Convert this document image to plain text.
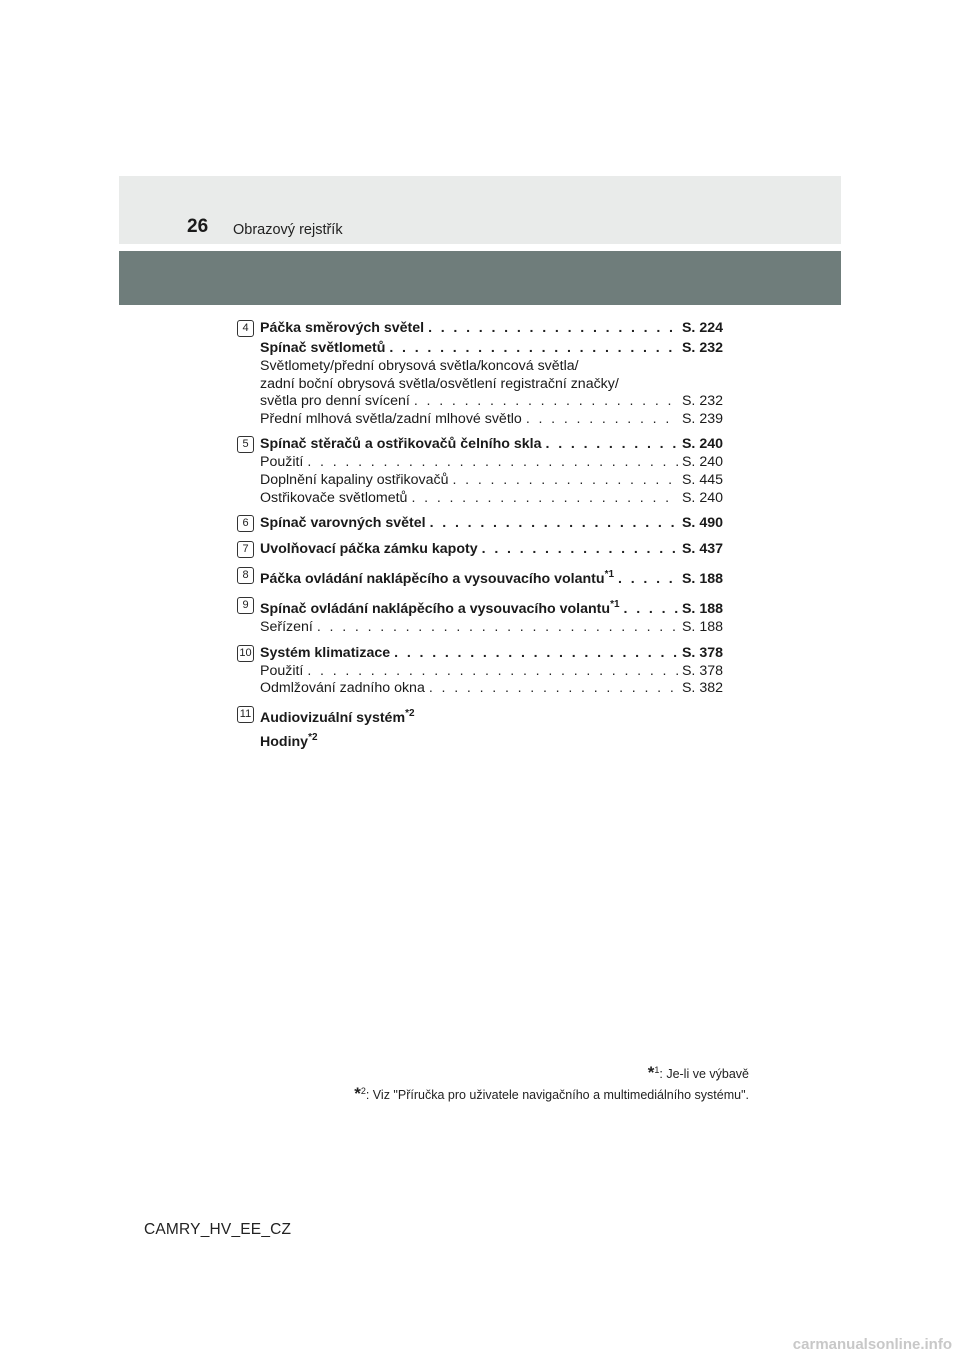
26 Obrazový rejstřík
4 Páčka směrových světel . . .	S. 224
Spínač světlometů . . .	S. 232
Světlomety/přední obrysová světla/koncová světla/
zadní boční obrysová světla/osvětlení registrační značky/
světla pro denní svícení . . .	S. 232
Přední mlhová světla/zadní mlhové světlo . . .	S. 239
5 Spínač stěračů a ostřikovačů čelního skla . . .	S. 240
Použití . . .	S. 240
Doplnění kapaliny ostřikovačů . . .	S. 445
Ostřikovače světlometů . . .	S. 240
6 Spínač varovných světel . . .	S. 490
7 Uvolňovací páčka zámku kapoty . . .	S. 437
8 Páčka ovládání naklápěcího a vysouvacího volantu$^{*1}$ . . .	S. 188
9 Spínač ovládání naklápěcího a vysouvacího volantu$^{*1}$ . . .	S. 188
Seřízení . . .	S. 188
10 Systém klimatizace . . .	S. 378
Použití . . .	S. 378
Odmlžování zadního okna . . .	S. 382
11 Audiovizuální systém$^{*2}$
Hodiny$^{*2}$
*$^1$: Je-li ve výbavě
*$^2$: Viz "Příručka pro uživatele navigačního a multimediálního systému".
CAMRY_HV_EE_CZ
carmanualsonline.info
